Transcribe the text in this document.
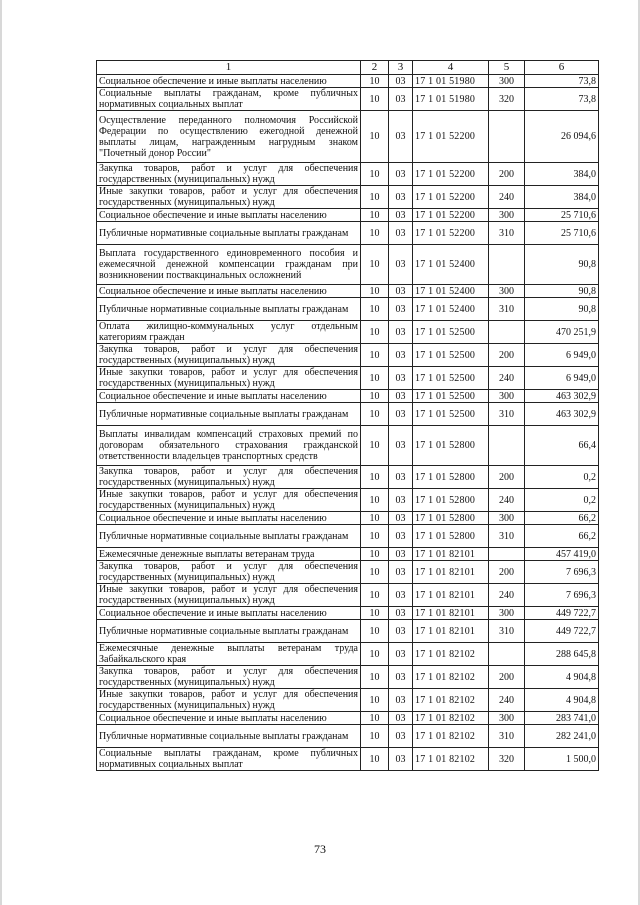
1	2	3	4	5	6
Социальное обеспечение и иные выплаты населению	10	03	17 1 01 51980	300	73,8
Социальные выплаты гражданам, кроме публичных нормативных социальных выплат	10	03	17 1 01 51980	320	73,8
Осуществление переданного полномочия Российской Федерации по осуществлению ежегодной денежной выплаты лицам, награжденным нагрудным знаком "Почетный донор России"	10	03	17 1 01 52200		26 094,6
Закупка товаров, работ и услуг для обеспечения государственных (муниципальных) нужд	10	03	17 1 01 52200	200	384,0
Иные закупки товаров, работ и услуг для обеспечения государственных (муниципальных) нужд	10	03	17 1 01 52200	240	384,0
Социальное обеспечение и иные выплаты населению	10	03	17 1 01 52200	300	25 710,6
Публичные нормативные социальные выплаты гражданам	10	03	17 1 01 52200	310	25 710,6
Выплата государственного единовременного пособия и ежемесячной денежной компенсации гражданам при возникновении поствакцинальных осложнений	10	03	17 1 01 52400		90,8
Социальное обеспечение и иные выплаты населению	10	03	17 1 01 52400	300	90,8
Публичные нормативные социальные выплаты гражданам	10	03	17 1 01 52400	310	90,8
Оплата жилищно-коммунальных услуг отдельным категориям граждан	10	03	17 1 01 52500		470 251,9
Закупка товаров, работ и услуг для обеспечения государственных (муниципальных) нужд	10	03	17 1 01 52500	200	6 949,0
Иные закупки товаров, работ и услуг для обеспечения государственных (муниципальных) нужд	10	03	17 1 01 52500	240	6 949,0
Социальное обеспечение и иные выплаты населению	10	03	17 1 01 52500	300	463 302,9
Публичные нормативные социальные выплаты гражданам	10	03	17 1 01 52500	310	463 302,9
Выплаты инвалидам компенсаций страховых премий по договорам обязательного страхования гражданской ответственности владельцев транспортных средств	10	03	17 1 01 52800		66,4
Закупка товаров, работ и услуг для обеспечения государственных (муниципальных) нужд	10	03	17 1 01 52800	200	0,2
Иные закупки товаров, работ и услуг для обеспечения государственных (муниципальных) нужд	10	03	17 1 01 52800	240	0,2
Социальное обеспечение и иные выплаты населению	10	03	17 1 01 52800	300	66,2
Публичные нормативные социальные выплаты гражданам	10	03	17 1 01 52800	310	66,2
Ежемесячные денежные выплаты ветеранам труда	10	03	17 1 01 82101		457 419,0
Закупка товаров, работ и услуг для обеспечения государственных (муниципальных) нужд	10	03	17 1 01 82101	200	7 696,3
Иные закупки товаров, работ и услуг для обеспечения государственных (муниципальных) нужд	10	03	17 1 01 82101	240	7 696,3
Социальное обеспечение и иные выплаты населению	10	03	17 1 01 82101	300	449 722,7
Публичные нормативные социальные выплаты гражданам	10	03	17 1 01 82101	310	449 722,7
Ежемесячные денежные выплаты ветеранам труда Забайкальского края	10	03	17 1 01 82102		288 645,8
Закупка товаров, работ и услуг для обеспечения государственных (муниципальных) нужд	10	03	17 1 01 82102	200	4 904,8
Иные закупки товаров, работ и услуг для обеспечения государственных (муниципальных) нужд	10	03	17 1 01 82102	240	4 904,8
Социальное обеспечение и иные выплаты населению	10	03	17 1 01 82102	300	283 741,0
Публичные нормативные социальные выплаты гражданам	10	03	17 1 01 82102	310	282 241,0
Социальные выплаты гражданам, кроме публичных нормативных социальных выплат	10	03	17 1 01 82102	320	1 500,0
73
